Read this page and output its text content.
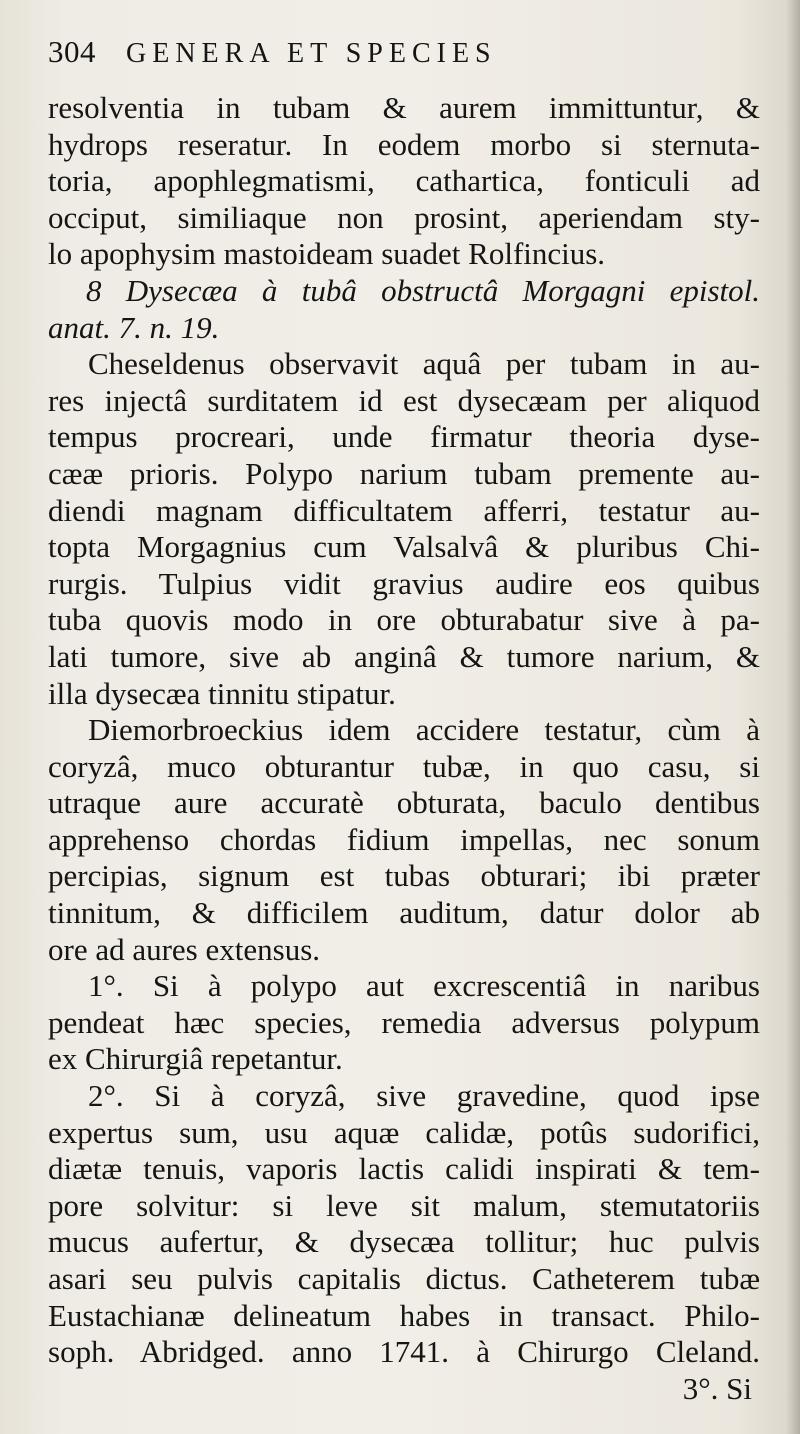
304 GENERA ET SPECIES
resolventia in tubam & aurem immittuntur, &
hydrops reseratur. In eodem morbo si sternuta-
toria, apophlegmatismi, cathartica, fonticuli ad
occiput, similiaque non prosint, aperiendam sty-
lo apophysim mastoideam suadet Rolfincius.
8 Dysecæa à tubâ obstructâ Morgagni epistol.
anat. 7. n. 19.
Cheseldenus observavit aquâ per tubam in au-
res injectâ surditatem id est dysecæam per aliquod
tempus procreari, unde firmatur theoria dyse-
cææ prioris. Polypo narium tubam premente au-
diendi magnam difficultatem afferri, testatur au-
topta Morgagnius cum Valsalvâ & pluribus Chi-
rurgis. Tulpius vidit gravius audire eos quibus
tuba quovis modo in ore obturabatur sive à pa-
lati tumore, sive ab anginâ & tumore narium, &
illa dysecæa tinnitu stipatur.
Diemorbroeckius idem accidere testatur, cùm à
coryzâ, muco obturantur tubæ, in quo casu, si
utraque aure accuratè obturata, baculo dentibus
apprehenso chordas fidium impellas, nec sonum
percipias, signum est tubas obturari; ibi præter
tinnitum, & difficilem auditum, datur dolor ab
ore ad aures extensus.
1°. Si à polypo aut excrescentiâ in naribus
pendeat hæc species, remedia adversus polypum
ex Chirurgiâ repetantur.
2°. Si à coryzâ, sive gravedine, quod ipse
expertus sum, usu aquæ calidæ, potûs sudorifici,
diætæ tenuis, vaporis lactis calidi inspirati & tem-
pore solvitur: si leve sit malum, stemutatoriis
mucus aufertur, & dysecæa tollitur; huc pulvis
asari seu pulvis capitalis dictus. Catheterem tubæ
Eustachianæ delineatum habes in transact. Philo-
soph. Abridged. anno 1741. à Chirurgo Cleland.
3°. Si
